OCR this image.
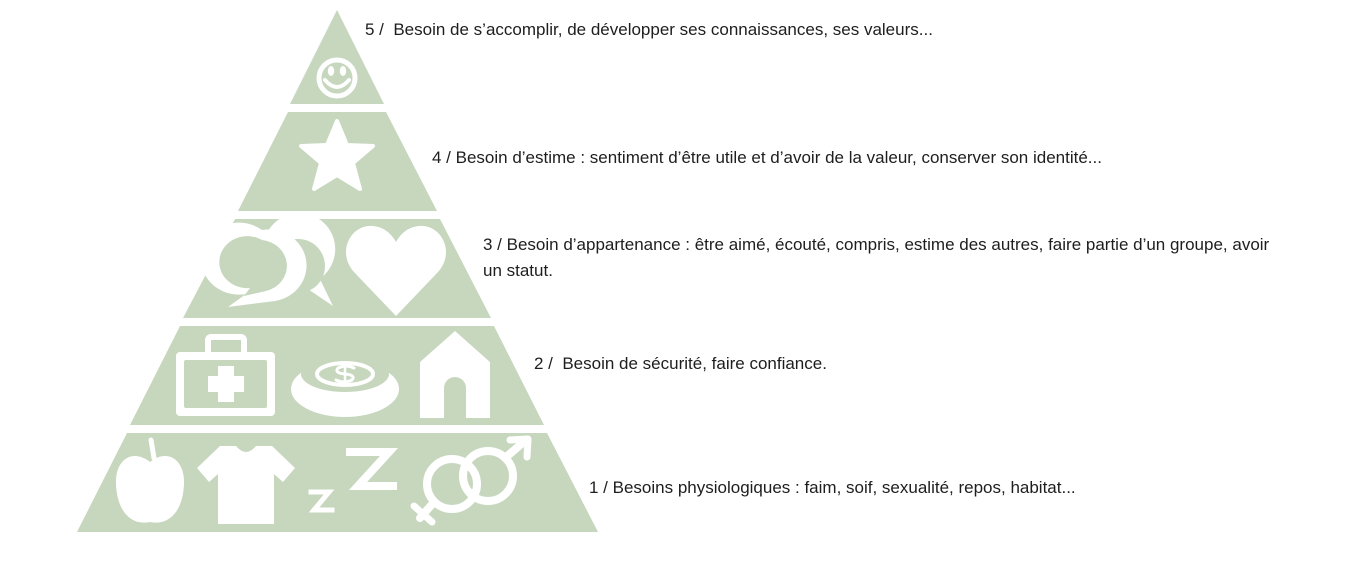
5 /  Besoin de s’accomplir, de développer ses connaissances, ses valeurs...
4 / Besoin d’estime : sentiment d’être utile et d’avoir de la valeur, conserver son identité...
3 / Besoin d’appartenance : être aimé, écouté, compris, estime des autres, faire partie d’un groupe, avoir un statut.
2 /  Besoin de sécurité, faire confiance.
1 / Besoins physiologiques : faim, soif, sexualité, repos, habitat...
